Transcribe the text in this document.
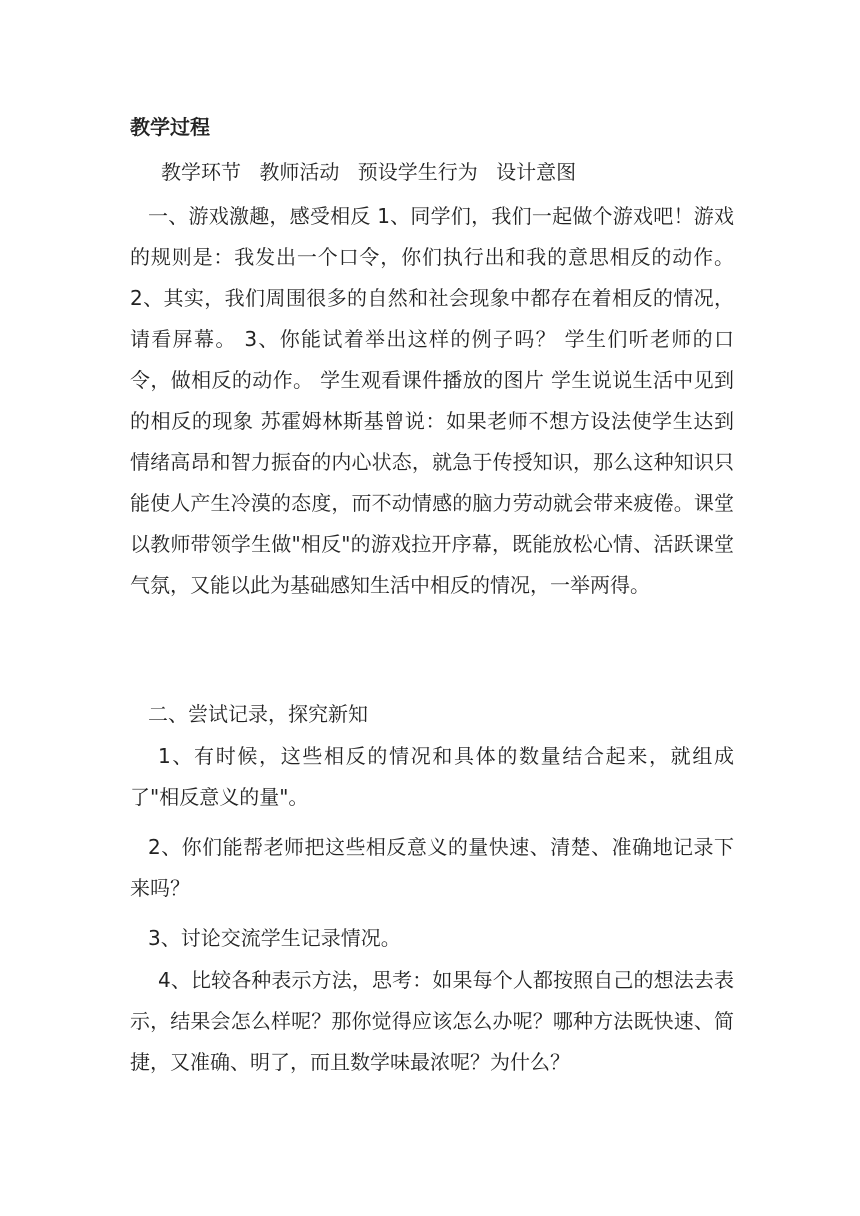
教学过程
教学环节 教师活动 预设学生行为 设计意图
一、游戏激趣，感受相反 1、同学们，我们一起做个游戏吧！游戏的规则是：我发出一个口令，你们执行出和我的意思相反的动作。 2、其实，我们周围很多的自然和社会现象中都存在着相反的情况，请看屏幕。 3、你能试着举出这样的例子吗？ 学生们听老师的口令，做相反的动作。 学生观看课件播放的图片 学生说说生活中见到的相反的现象 苏霍姆林斯基曾说：如果老师不想方设法使学生达到情绪高昂和智力振奋的内心状态，就急于传授知识，那么这种知识只能使人产生冷漠的态度，而不动情感的脑力劳动就会带来疲倦。课堂以教师带领学生做"相反"的游戏拉开序幕，既能放松心情、活跃课堂气氛，又能以此为基础感知生活中相反的情况，一举两得。
二、尝试记录，探究新知
1、有时候，这些相反的情况和具体的数量结合起来，就组成了"相反意义的量"。
2、你们能帮老师把这些相反意义的量快速、清楚、准确地记录下来吗？
3、讨论交流学生记录情况。
4、比较各种表示方法，思考：如果每个人都按照自己的想法去表示，结果会怎么样呢？那你觉得应该怎么办呢？哪种方法既快速、简捷，又准确、明了，而且数学味最浓呢？为什么？
